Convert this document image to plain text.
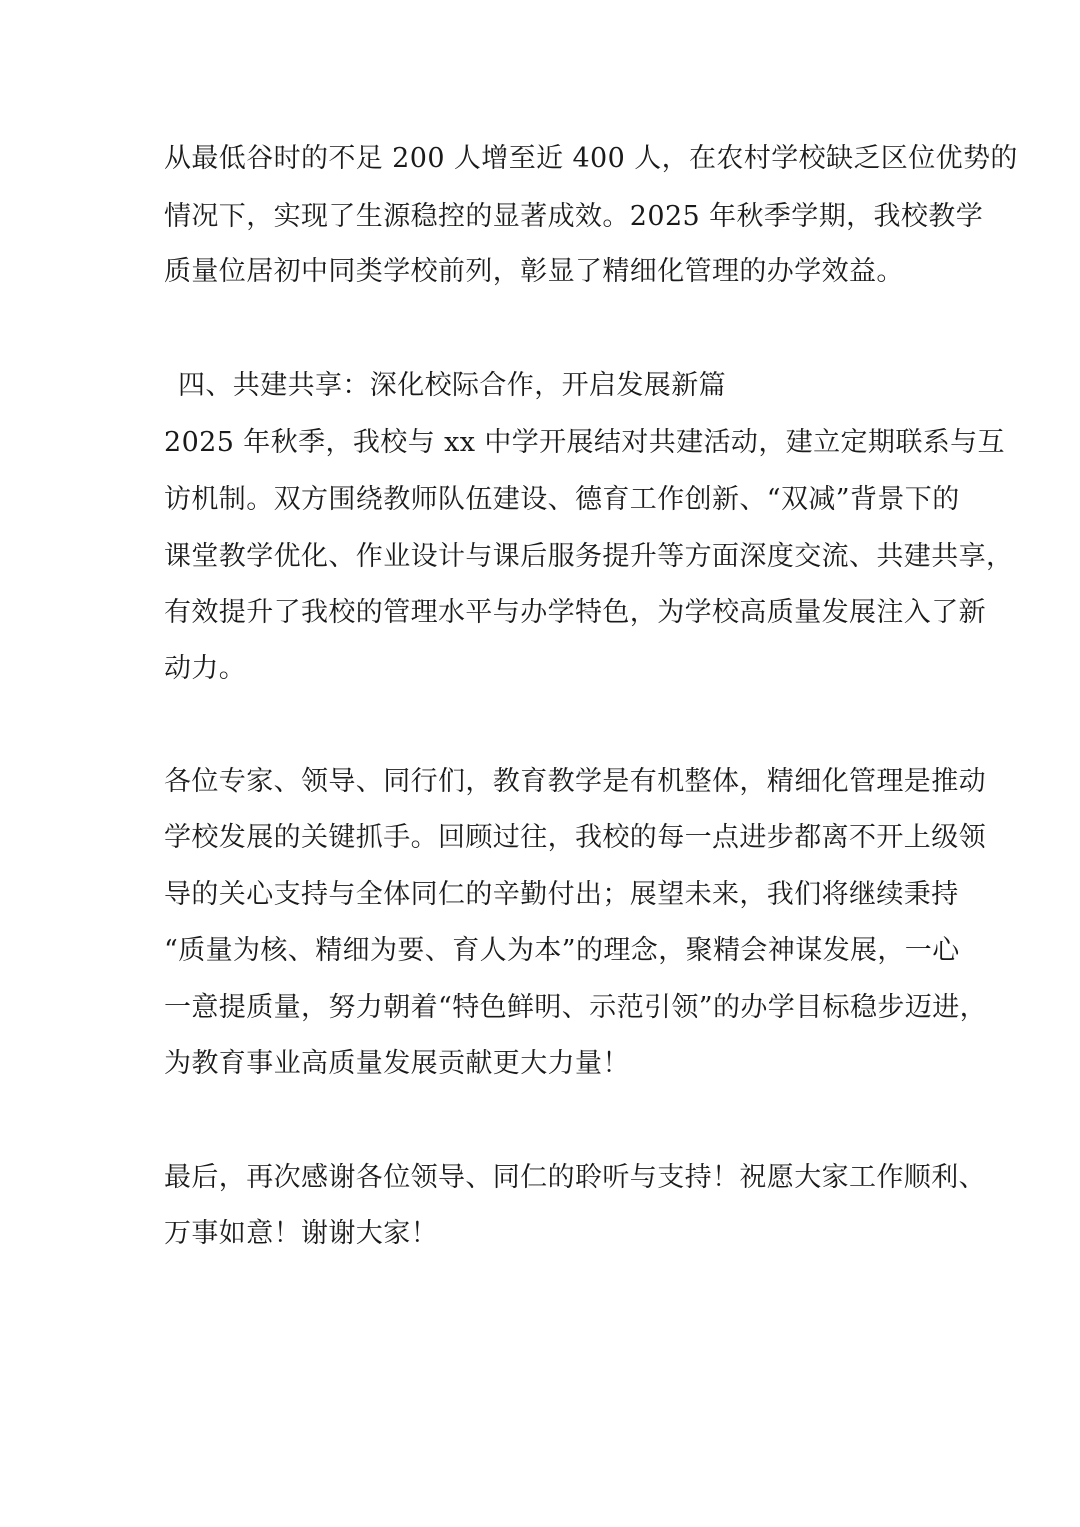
从最低谷时的不足 200 人增至近 400 人，在农村学校缺乏区位优势的
情况下，实现了生源稳控的显著成效。2025 年秋季学期，我校教学
质量位居初中同类学校前列，彰显了精细化管理的办学效益。
四、共建共享：深化校际合作，开启发展新篇
2025 年秋季，我校与 xx 中学开展结对共建活动，建立定期联系与互
访机制。双方围绕教师队伍建设、德育工作创新、“双减”背景下的
课堂教学优化、作业设计与课后服务提升等方面深度交流、共建共享，
有效提升了我校的管理水平与办学特色，为学校高质量发展注入了新
动力。
各位专家、领导、同行们，教育教学是有机整体，精细化管理是推动
学校发展的关键抓手。回顾过往，我校的每一点进步都离不开上级领
导的关心支持与全体同仁的辛勤付出；展望未来，我们将继续秉持
“质量为核、精细为要、育人为本”的理念，聚精会神谋发展，一心
一意提质量，努力朝着“特色鲜明、示范引领”的办学目标稳步迈进，
为教育事业高质量发展贡献更大力量！
最后，再次感谢各位领导、同仁的聆听与支持！祝愿大家工作顺利、
万事如意！谢谢大家！
